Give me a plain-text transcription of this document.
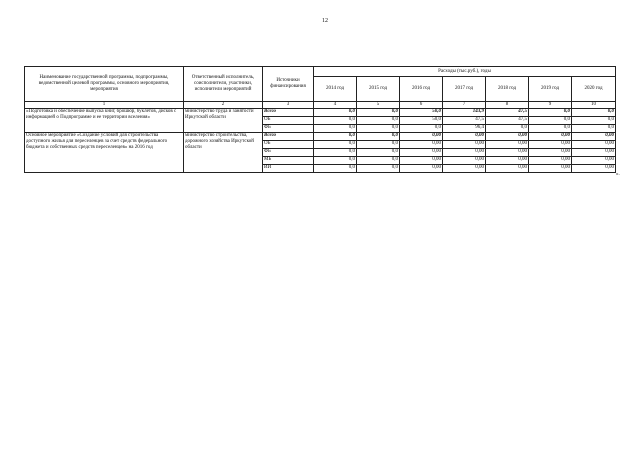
12
Наименование государственной программы, подпрограммы, ведомственной целевой программы, основного мероприятия, мероприятия	Ответственный исполнитель, соисполнители, участники, исполнители мероприятий	Источники финансирования	Расходы (тыс.руб.), годы						
			2014 год	2015 год	2016 год	2017 год	2018 год	2019 год	2020 год
1	2	3	4	5	6	7	8	9	10
«Подготовка и обеспечение выпуска книг, брошюр, буклетов, дисков с информацией о Подпрограмме и ее территории вселения»	министерство труда и занятости Иркутской области	Всего	0,0	0,0	50,0	143,9	47,5	0,0	0,0
		ОБ	0,0	0,0	50,0	47,5	47,5	0,0	0,0
		ФБ	0,0	0,0	0,0	96,4	0,0	0,0	0,0
Основное мероприятие «Создание условий для строительства доступного жилья для переселенцев за счет средств федерального бюджета и собственных средств переселенцев» на 2016 год	министерство строительства, дорожного хозяйства Иркутской области	Всего	0,0	0,0	0,00	0,00	0,00	0,00	0,00
		ОБ	0,0	0,0	0,00	0,00	0,00	0,00	0,00
		ФБ	0,0	0,0	0,00	0,00	0,00	0,00	0,00
		МБ	0,0	0,0	0,00	0,00	0,00	0,00	0,00
		ИИ	0,0	0,0	0,00	0,00	0,00	0,00	0,00
».
